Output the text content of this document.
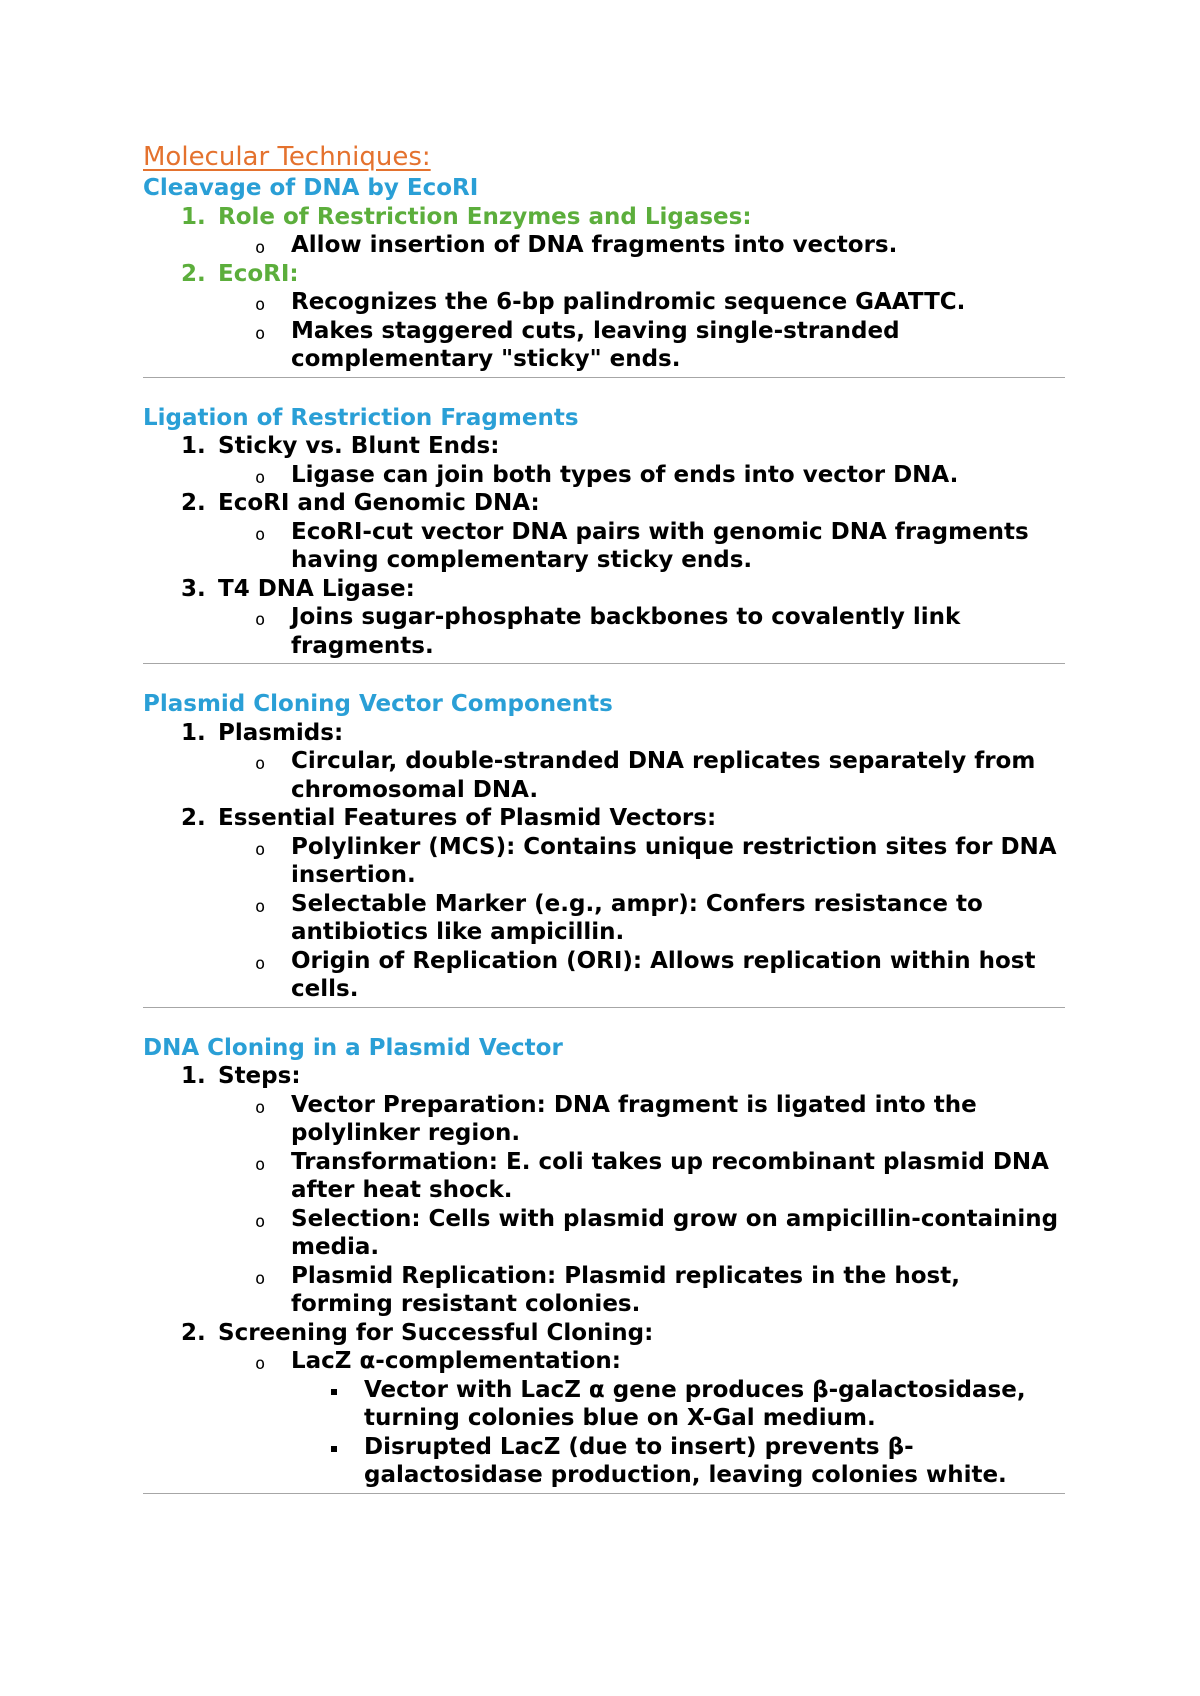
Molecular Techniques:
Cleavage of DNA by EcoRI
1. Role of Restriction Enzymes and Ligases:
o Allow insertion of DNA fragments into vectors.
2. EcoRI:
o Recognizes the 6-bp palindromic sequence GAATTC.
o Makes staggered cuts, leaving single-stranded complementary "sticky" ends.
Ligation of Restriction Fragments
1. Sticky vs. Blunt Ends:
o Ligase can join both types of ends into vector DNA.
2. EcoRI and Genomic DNA:
o EcoRI-cut vector DNA pairs with genomic DNA fragments having complementary sticky ends.
3. T4 DNA Ligase:
o Joins sugar-phosphate backbones to covalently link fragments.
Plasmid Cloning Vector Components
1. Plasmids:
o Circular, double-stranded DNA replicates separately from chromosomal DNA.
2. Essential Features of Plasmid Vectors:
o Polylinker (MCS): Contains unique restriction sites for DNA insertion.
o Selectable Marker (e.g., ampr): Confers resistance to antibiotics like ampicillin.
o Origin of Replication (ORI): Allows replication within host cells.
DNA Cloning in a Plasmid Vector
1. Steps:
o Vector Preparation: DNA fragment is ligated into the polylinker region.
o Transformation: E. coli takes up recombinant plasmid DNA after heat shock.
o Selection: Cells with plasmid grow on ampicillin-containing media.
o Plasmid Replication: Plasmid replicates in the host, forming resistant colonies.
2. Screening for Successful Cloning:
o LacZ α-complementation:
Vector with LacZ α gene produces β-galactosidase, turning colonies blue on X-Gal medium.
Disrupted LacZ (due to insert) prevents β-galactosidase production, leaving colonies white.
